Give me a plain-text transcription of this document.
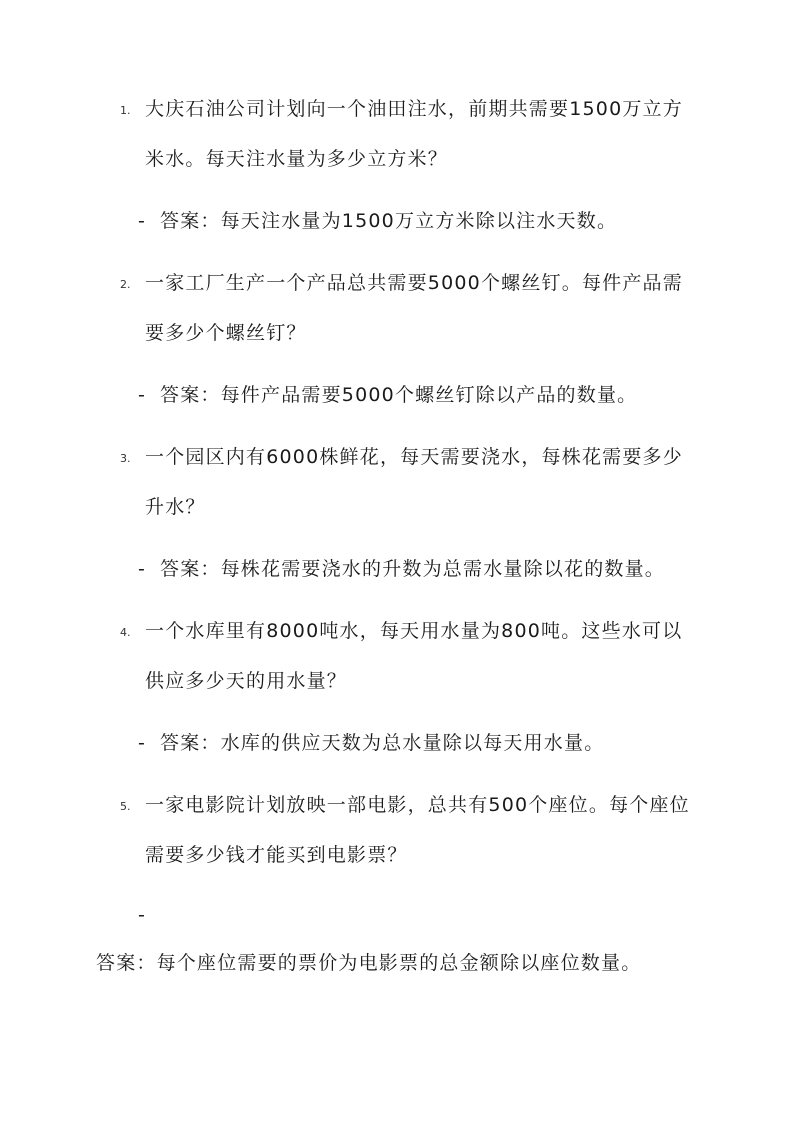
1. 大庆石油公司计划向一个油田注水，前期共需要1500万立方
米水。每天注水量为多少立方米？
- 答案：每天注水量为1500万立方米除以注水天数。
2. 一家工厂生产一个产品总共需要5000个螺丝钉。每件产品需
要多少个螺丝钉？
- 答案：每件产品需要5000个螺丝钉除以产品的数量。
3. 一个园区内有6000株鲜花，每天需要浇水，每株花需要多少
升水？
- 答案：每株花需要浇水的升数为总需水量除以花的数量。
4. 一个水库里有8000吨水，每天用水量为800吨。这些水可以
供应多少天的用水量？
- 答案：水库的供应天数为总水量除以每天用水量。
5. 一家电影院计划放映一部电影，总共有500个座位。每个座位
需要多少钱才能买到电影票？
-
答案：每个座位需要的票价为电影票的总金额除以座位数量。
